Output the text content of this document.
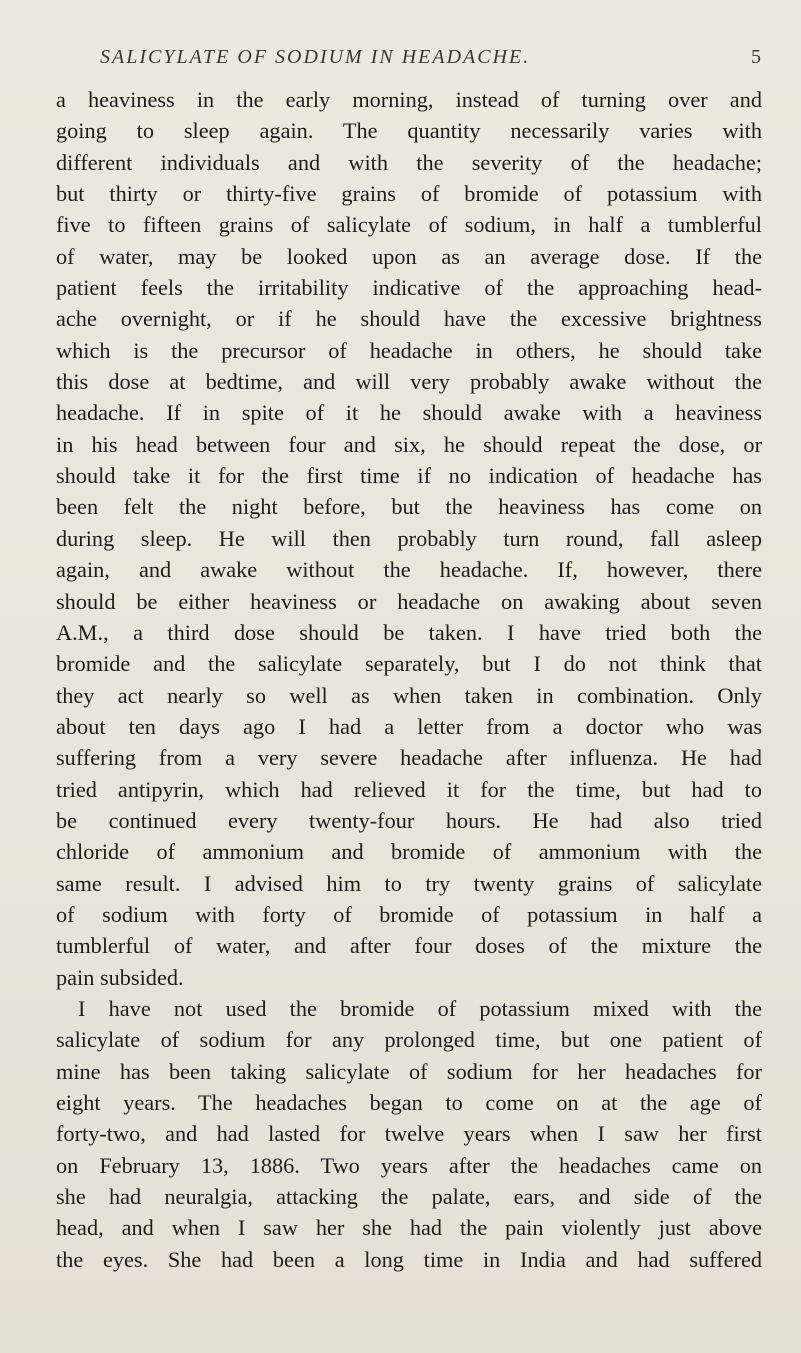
SALICYLATE OF SODIUM IN HEADACHE.	5
a heaviness in the early morning, instead of turning over and
going to sleep again. The quantity necessarily varies with
different individuals and with the severity of the headache;
but thirty or thirty-five grains of bromide of potassium with
five to fifteen grains of salicylate of sodium, in half a tumblerful
of water, may be looked upon as an average dose. If the
patient feels the irritability indicative of the approaching head-
ache overnight, or if he should have the excessive brightness
which is the precursor of headache in others, he should take
this dose at bedtime, and will very probably awake without the
headache. If in spite of it he should awake with a heaviness
in his head between four and six, he should repeat the dose, or
should take it for the first time if no indication of headache has
been felt the night before, but the heaviness has come on
during sleep. He will then probably turn round, fall asleep
again, and awake without the headache. If, however, there
should be either heaviness or headache on awaking about seven
A.M., a third dose should be taken. I have tried both the
bromide and the salicylate separately, but I do not think that
they act nearly so well as when taken in combination. Only
about ten days ago I had a letter from a doctor who was
suffering from a very severe headache after influenza. He had
tried antipyrin, which had relieved it for the time, but had to
be continued every twenty-four hours. He had also tried
chloride of ammonium and bromide of ammonium with the
same result. I advised him to try twenty grains of salicylate
of sodium with forty of bromide of potassium in half a
tumblerful of water, and after four doses of the mixture the
pain subsided.
I have not used the bromide of potassium mixed with the
salicylate of sodium for any prolonged time, but one patient of
mine has been taking salicylate of sodium for her headaches for
eight years. The headaches began to come on at the age of
forty-two, and had lasted for twelve years when I saw her first
on February 13, 1886. Two years after the headaches came on
she had neuralgia, attacking the palate, ears, and side of the
head, and when I saw her she had the pain violently just above
the eyes. She had been a long time in India and had suffered
